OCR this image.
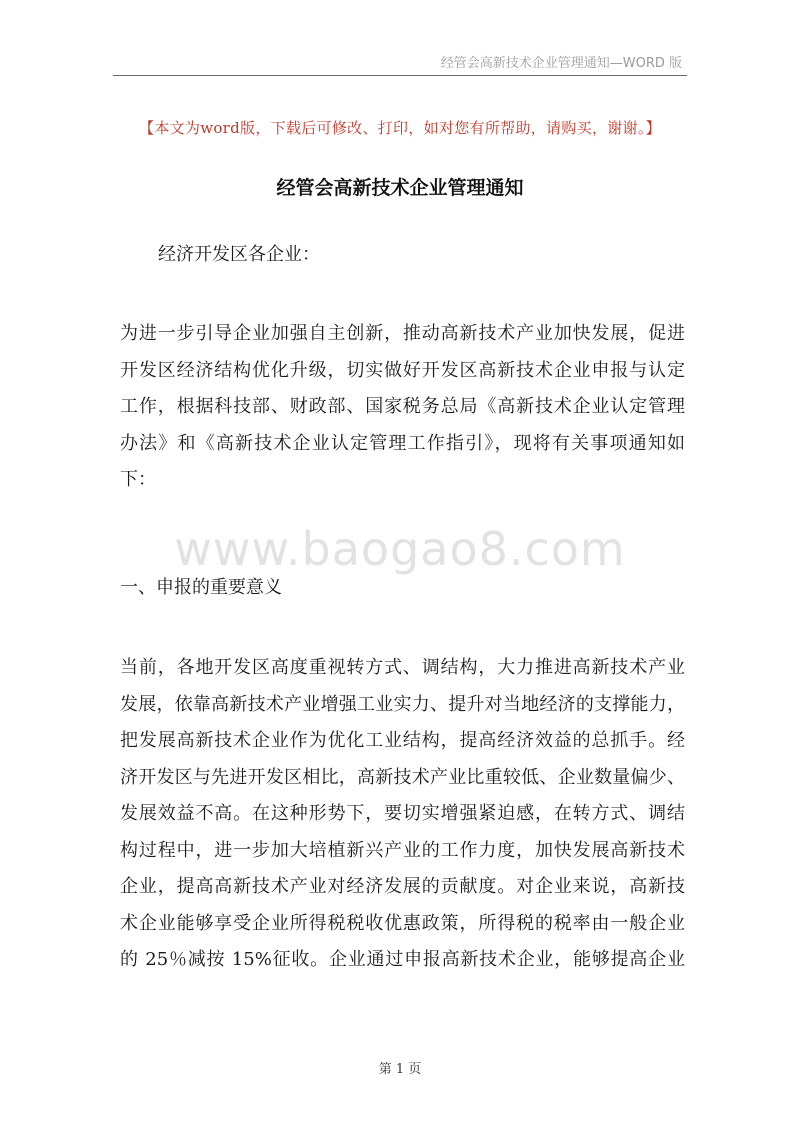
经管会高新技术企业管理通知—WORD 版
【本文为word版，下载后可修改、打印，如对您有所帮助，请购买，谢谢。】
经管会高新技术企业管理通知
经济开发区各企业：
为进一步引导企业加强自主创新，推动高新技术产业加快发展，促进
开发区经济结构优化升级，切实做好开发区高新技术企业申报与认定
工作，根据科技部、财政部、国家税务总局《高新技术企业认定管理
办法》和《高新技术企业认定管理工作指引》，现将有关事项通知如
下：
www.baogao8.com
一、申报的重要意义
当前，各地开发区高度重视转方式、调结构，大力推进高新技术产业
发展，依靠高新技术产业增强工业实力、提升对当地经济的支撑能力，
把发展高新技术企业作为优化工业结构，提高经济效益的总抓手。经
济开发区与先进开发区相比，高新技术产业比重较低、企业数量偏少、
发展效益不高。在这种形势下，要切实增强紧迫感，在转方式、调结
构过程中，进一步加大培植新兴产业的工作力度，加快发展高新技术
企业，提高高新技术产业对经济发展的贡献度。对企业来说，高新技
术企业能够享受企业所得税税收优惠政策，所得税的税率由一般企业
的 25％减按 15%征收。企业通过申报高新技术企业，能够提高企业
第 1 页
